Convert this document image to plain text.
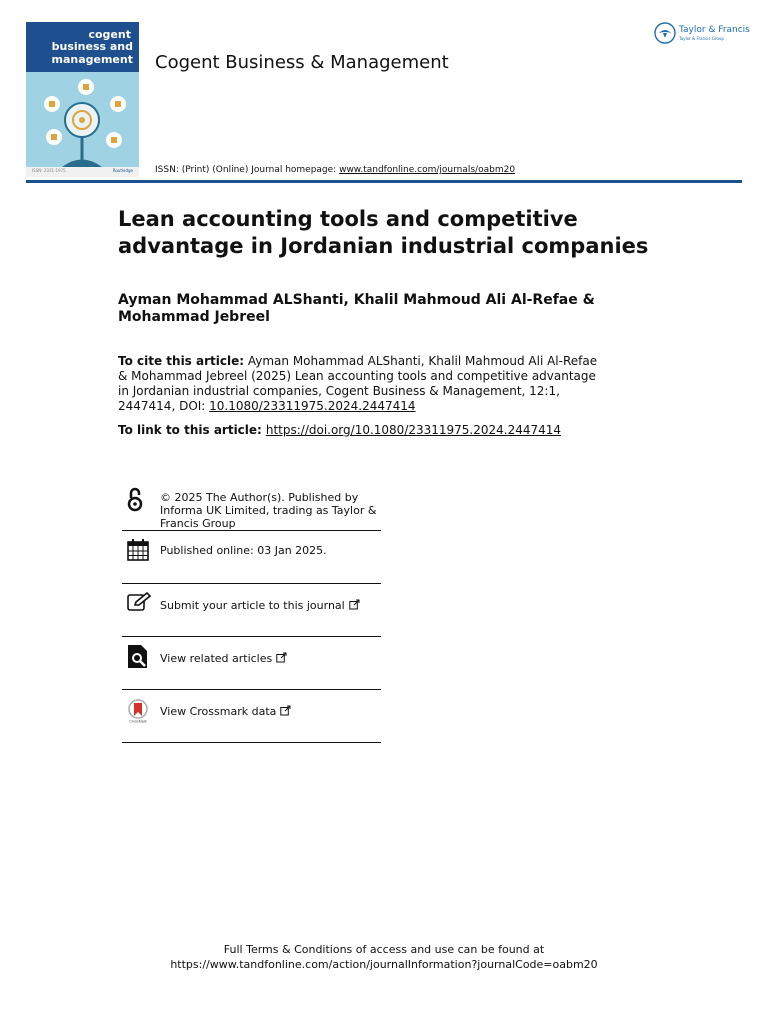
cogent
business and
management
ISSN: 2331-1975	Routledge
Cogent Business & Management
Taylor & Francis
Taylor & Francis Group
ISSN: (Print) (Online) Journal homepage: www.tandfonline.com/journals/oabm20
Lean accounting tools and competitive advantage in Jordanian industrial companies
Ayman Mohammad ALShanti, Khalil Mahmoud Ali Al-Refae & Mohammad Jebreel
To cite this article: Ayman Mohammad ALShanti, Khalil Mahmoud Ali Al-Refae & Mohammad Jebreel (2025) Lean accounting tools and competitive advantage in Jordanian industrial companies, Cogent Business & Management, 12:1, 2447414, DOI: 10.1080/23311975.2024.2447414
To link to this article: https://doi.org/10.1080/23311975.2024.2447414
© 2025 The Author(s). Published by Informa UK Limited, trading as Taylor & Francis Group
Published online: 03 Jan 2025.
Submit your article to this journal
View related articles
CrossMark
View Crossmark data
Full Terms & Conditions of access and use can be found at
https://www.tandfonline.com/action/journalInformation?journalCode=oabm20
